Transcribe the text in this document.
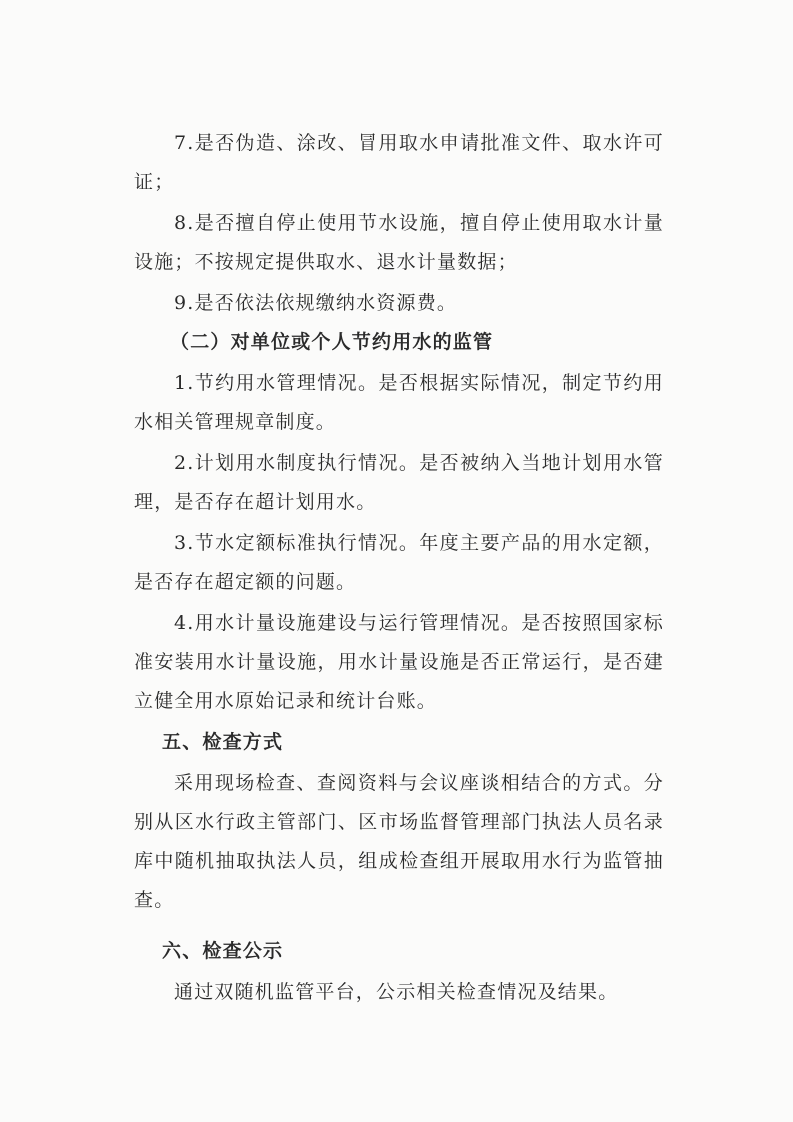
7.是否伪造、涂改、冒用取水申请批准文件、取水许可证；

8.是否擅自停止使用节水设施，擅自停止使用取水计量设施；不按规定提供取水、退水计量数据；

9.是否依法依规缴纳水资源费。

（二）对单位或个人节约用水的监管

1.节约用水管理情况。是否根据实际情况，制定节约用水相关管理规章制度。

2.计划用水制度执行情况。是否被纳入当地计划用水管理，是否存在超计划用水。

3.节水定额标准执行情况。年度主要产品的用水定额，是否存在超定额的问题。

4.用水计量设施建设与运行管理情况。是否按照国家标准安装用水计量设施，用水计量设施是否正常运行，是否建立健全用水原始记录和统计台账。

五、检查方式

采用现场检查、查阅资料与会议座谈相结合的方式。分别从区水行政主管部门、区市场监督管理部门执法人员名录库中随机抽取执法人员，组成检查组开展取用水行为监管抽查。

六、检查公示

通过双随机监管平台，公示相关检查情况及结果。
